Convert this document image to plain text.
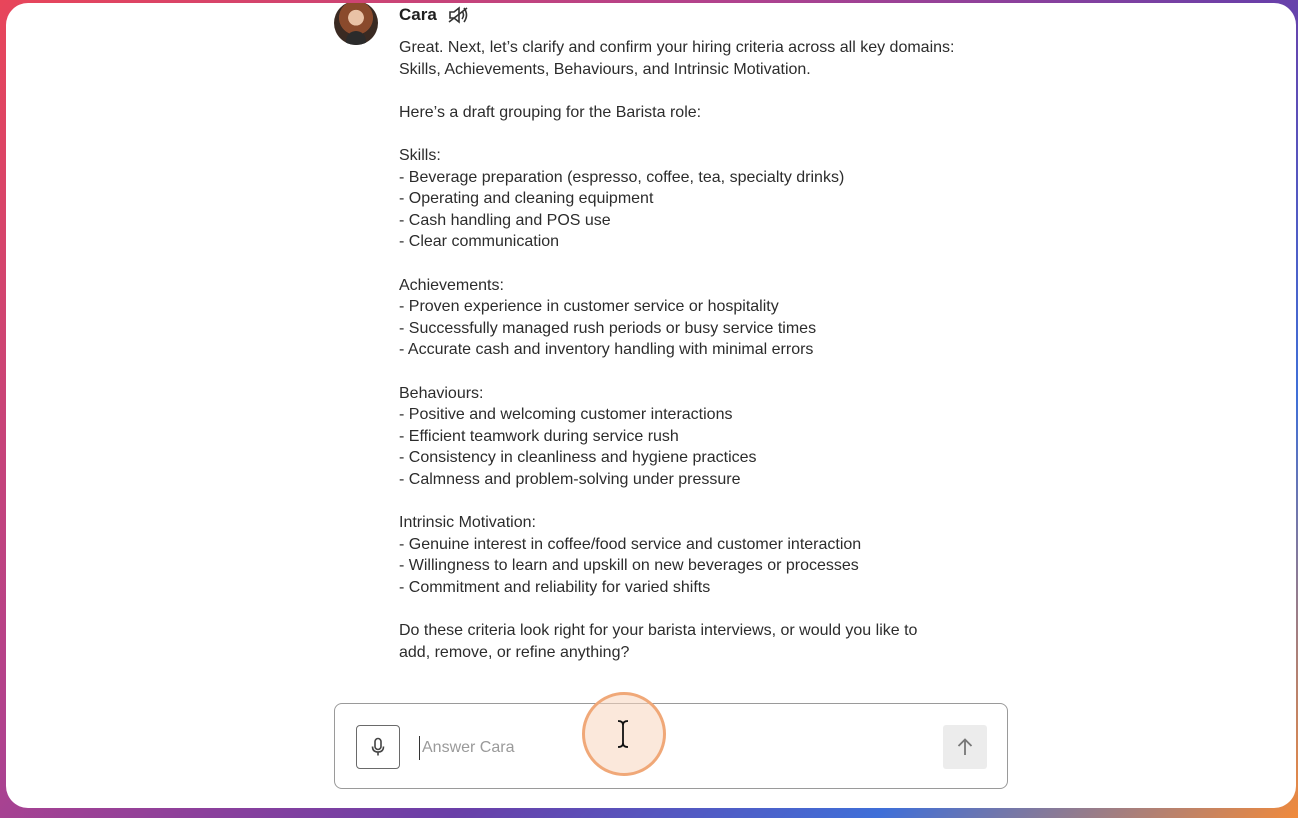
Cara
Great. Next, let’s clarify and confirm your hiring criteria across all key domains:
Skills, Achievements, Behaviours, and Intrinsic Motivation.
Here’s a draft grouping for the Barista role:
Skills:
- Beverage preparation (espresso, coffee, tea, specialty drinks)
- Operating and cleaning equipment
- Cash handling and POS use
- Clear communication
Achievements:
- Proven experience in customer service or hospitality
- Successfully managed rush periods or busy service times
- Accurate cash and inventory handling with minimal errors
Behaviours:
- Positive and welcoming customer interactions
- Efficient teamwork during service rush
- Consistency in cleanliness and hygiene practices
- Calmness and problem-solving under pressure
Intrinsic Motivation:
- Genuine interest in coffee/food service and customer interaction
- Willingness to learn and upskill on new beverages or processes
- Commitment and reliability for varied shifts
Do these criteria look right for your barista interviews, or would you like to
add, remove, or refine anything?
Answer Cara
